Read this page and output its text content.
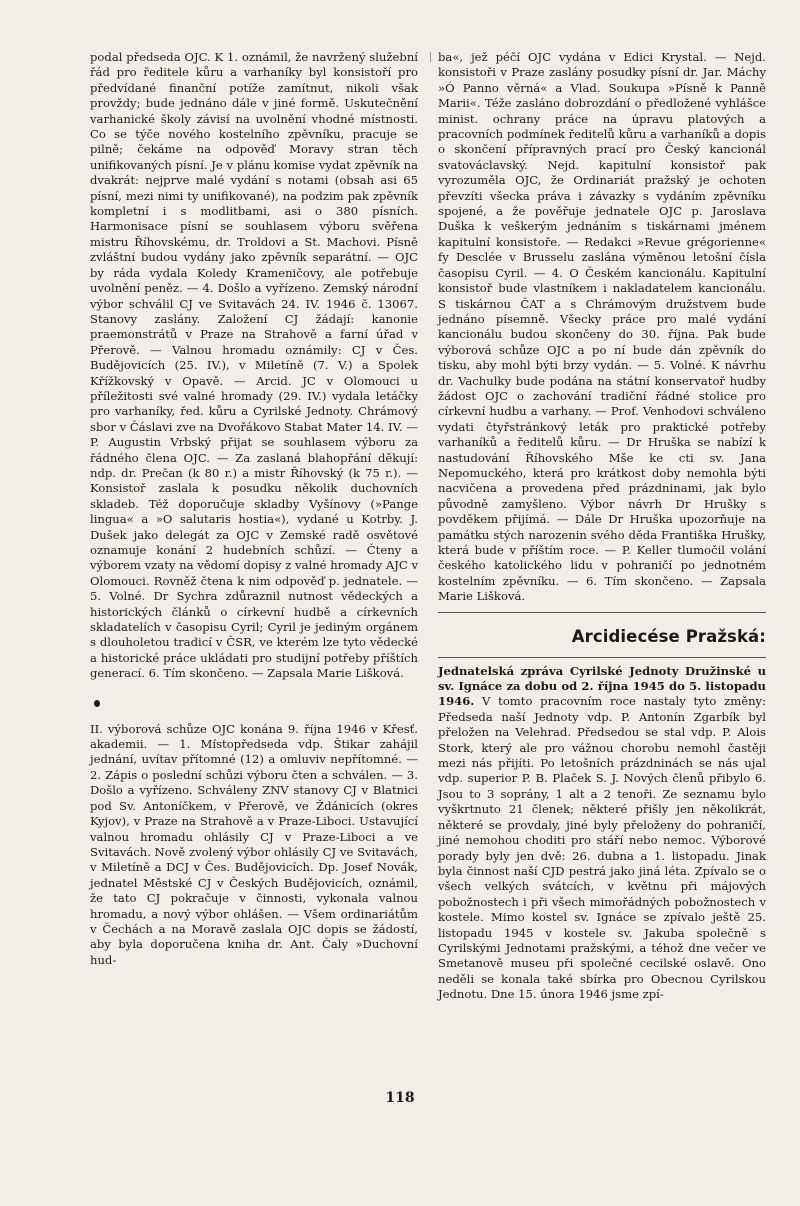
podal předseda OJC. K 1. oznámil, že navržený služební řád pro ředitele kůru a varhaníky byl konsistoří pro předvídané finanční potíže zamítnut, nikoli však provždy; bude jednáno dále v jiné formě. Uskutečnění varhanické školy závisí na uvolnění vhodné místnosti. Co se týče nového kostelního zpěvníku, pracuje se pilně; čekáme na odpověď Moravy stran těch unifikovaných písní. Je v plánu komise vydat zpěvník na dvakrát: nejprve malé vydání s notami (obsah asi 65 písní, mezi nimi ty unifikované), na podzim pak zpěvník kompletní i s modlitbami, asi o 380 písních. Harmonisace písní se souhlasem výboru svěřena mistru Říhovskému, dr. Troldovi a St. Machovi. Písně zvláštní budou vydány jako zpěvník separátní. — OJC by ráda vydala Koledy Krameničovy, ale potřebuje uvolnění peněz. — 4. Došlo a vyřízeno. Zemský národní výbor schválil CJ ve Svitavách 24. IV. 1946 č. 13067. Stanovy zaslány. Založení CJ žádají: kanonie praemonstrátů v Praze na Strahově a farní úřad v Přerově. — Valnou hromadu oznámily: CJ v Čes. Budějovicích (25. IV.), v Miletíně (7. V.) a Spolek Křížkovský v Opavě. — Arcid. JC v Olomouci u příležitosti své valné hromady (29. IV.) vydala letáčky pro varhaníky, řed. kůru a Cyrilské Jednoty. Chrámový sbor v Čáslavi zve na Dvořákovo Stabat Mater 14. IV. — P. Augustin Vrbský přijat se souhlasem výboru za řádného člena OJC. — Za zaslaná blahopřání děkují: ndp. dr. Prečan (k 80 r.) a mistr Říhovský (k 75 r.). — Konsistoř zaslala k posudku několik duchovních skladeb. Též doporučuje skladby Vyšínovy (»Pange lingua« a »O salutaris hostia«), vydané u Kotrby. J. Dušek jako delegát za OJC v Zemské radě osvětové oznamuje konání 2 hudebních schůzí. — Čteny a výborem vzaty na vědomí dopisy z valné hromady AJC v Olomouci. Rovněž čtena k nim odpověď p. jednatele. — 5. Volné. Dr Sychra zdůraznil nutnost vědeckých a historických článků o církevní hudbě a církevních skladatelích v časopisu Cyril; Cyril je jediným orgánem s dlouholetou tradicí v ČSR, ve kterém lze tyto vědecké a historické práce ukládati pro studijní potřeby příštích generací. 6. Tím skončeno. — Zapsala Marie Lišková.

II. výborová schůze OJC konána 9. října 1946 v Křesť. akademii. — 1. Místopředseda vdp. Štikar zahájil jednání, uvítav přítomné (12) a omluviv nepřítomné. — 2. Zápis o poslední schůzi výboru čten a schválen. — 3. Došlo a vyřízeno. Schváleny ZNV stanovy CJ v Blatnici pod Sv. Antoníčkem, v Přerově, ve Ždánicích (okres Kyjov), v Praze na Strahově a v Praze-Liboci. Ustavující valnou hromadu ohlásily CJ v Praze-Liboci a ve Svitavách. Nově zvolený výbor ohlásily CJ ve Svitavách, v Miletíně a DCJ v Čes. Budějovicích. Dp. Josef Novák, jednatel Městské CJ v Českých Budějovicích, oznámil, že tato CJ pokračuje v činnosti, vykonala valnou hromadu, a nový výbor ohlášen. — Všem ordinariátům v Čechách a na Moravě zaslala OJC dopis se žádostí, aby byla doporučena kniha dr. Ant. Čaly »Duchovní hud-

ba«, jež péčí OJC vydána v Edici Krystal. — Nejd. konsistoři v Praze zaslány posudky písní dr. Jar. Máchy »Ó Panno věrná« a Vlad. Soukupa »Písně k Panně Marii«. Téže zasláno dobrozdání o předložené vyhlášce minist. ochrany práce na úpravu platových a pracovních podmínek ředitelů kůru a varhaníků a dopis o skončení přípravných prací pro Český kancionál svatováclavský. Nejd. kapitulní konsistoř pak vyrozuměla OJC, že Ordinariát pražský je ochoten převzíti všecka práva i závazky s vydáním zpěvníku spojené, a že pověřuje jednatele OJC p. Jaroslava Duška k veškerým jednáním s tiskárnami jménem kapitulní konsistoře. — Redakci »Revue grégorienne« fy Desclée v Brusselu zaslána výměnou letošní čísla časopisu Cyril. — 4. O Českém kancionálu. Kapitulní konsistoř bude vlastníkem i nakladatelem kancionálu. S tiskárnou ČAT a s Chrámovým družstvem bude jednáno písemně. Všecky práce pro malé vydání kancionálu budou skončeny do 30. října. Pak bude výborová schůze OJC a po ní bude dán zpěvník do tisku, aby mohl býti brzy vydán. — 5. Volné. K návrhu dr. Vachulky bude podána na státní konservatoř hudby žádost OJC o zachování tradiční řádné stolice pro církevní hudbu a varhany. — Prof. Venhodovi schváleno vydati čtyřstránkový leták pro praktické potřeby varhaníků a ředitelů kůru. — Dr Hruška se nabízí k nastudování Říhovského Mše ke cti sv. Jana Nepomuckého, která pro krátkost doby nemohla býti nacvičena a provedena před prázdninami, jak bylo původně zamyšleno. Výbor návrh Dr Hrušky s povděkem přijímá. — Dále Dr Hruška upozorňuje na památku stých narozenin svého děda Františka Hrušky, která bude v příštím roce. — P. Keller tlumočil volání českého katolického lidu v pohraničí po jednotném kostelním zpěvníku. — 6. Tím skončeno. — Zapsala Marie Lišková.

Arcidiecése Pražská:

Jednatelská zpráva Cyrilské Jednoty Družinské u sv. Ignáce za dobu od 2. října 1945 do 5. listopadu 1946. V tomto pracovním roce nastaly tyto změny: Předseda naší Jednoty vdp. P. Antonín Zgarbík byl přeložen na Velehrad. Předsedou se stal vdp. P. Alois Stork, který ale pro vážnou chorobu nemohl častěji mezi nás přijíti. Po letošních prázdninách se nás ujal vdp. superior P. B. Plaček S. J. Nových členů přibylo 6. Jsou to 3 soprány, 1 alt a 2 tenoři. Ze seznamu bylo vyškrtnuto 21 členek; některé přišly jen několikrát, některé se provdaly, jiné byly přeloženy do pohraničí, jiné nemohou choditi pro stáří nebo nemoc. Výborové porady byly jen dvě: 26. dubna a 1. listopadu. Jinak byla činnost naší CJD pestrá jako jiná léta. Zpívalo se o všech velkých svátcích, v květnu při májových pobožnostech i při všech mimořádných pobožnostech v kostele. Mimo kostel sv. Ignáce se zpívalo ještě 25. listopadu 1945 v kostele sv. Jakuba společně s Cyrilskými Jednotami pražskými, a téhož dne večer ve Smetanově museu při společné cecilské oslavě. Ono neděli se konala také sbírka pro Obecnou Cyrilskou Jednotu. Dne 15. února 1946 jsme zpí-

118
